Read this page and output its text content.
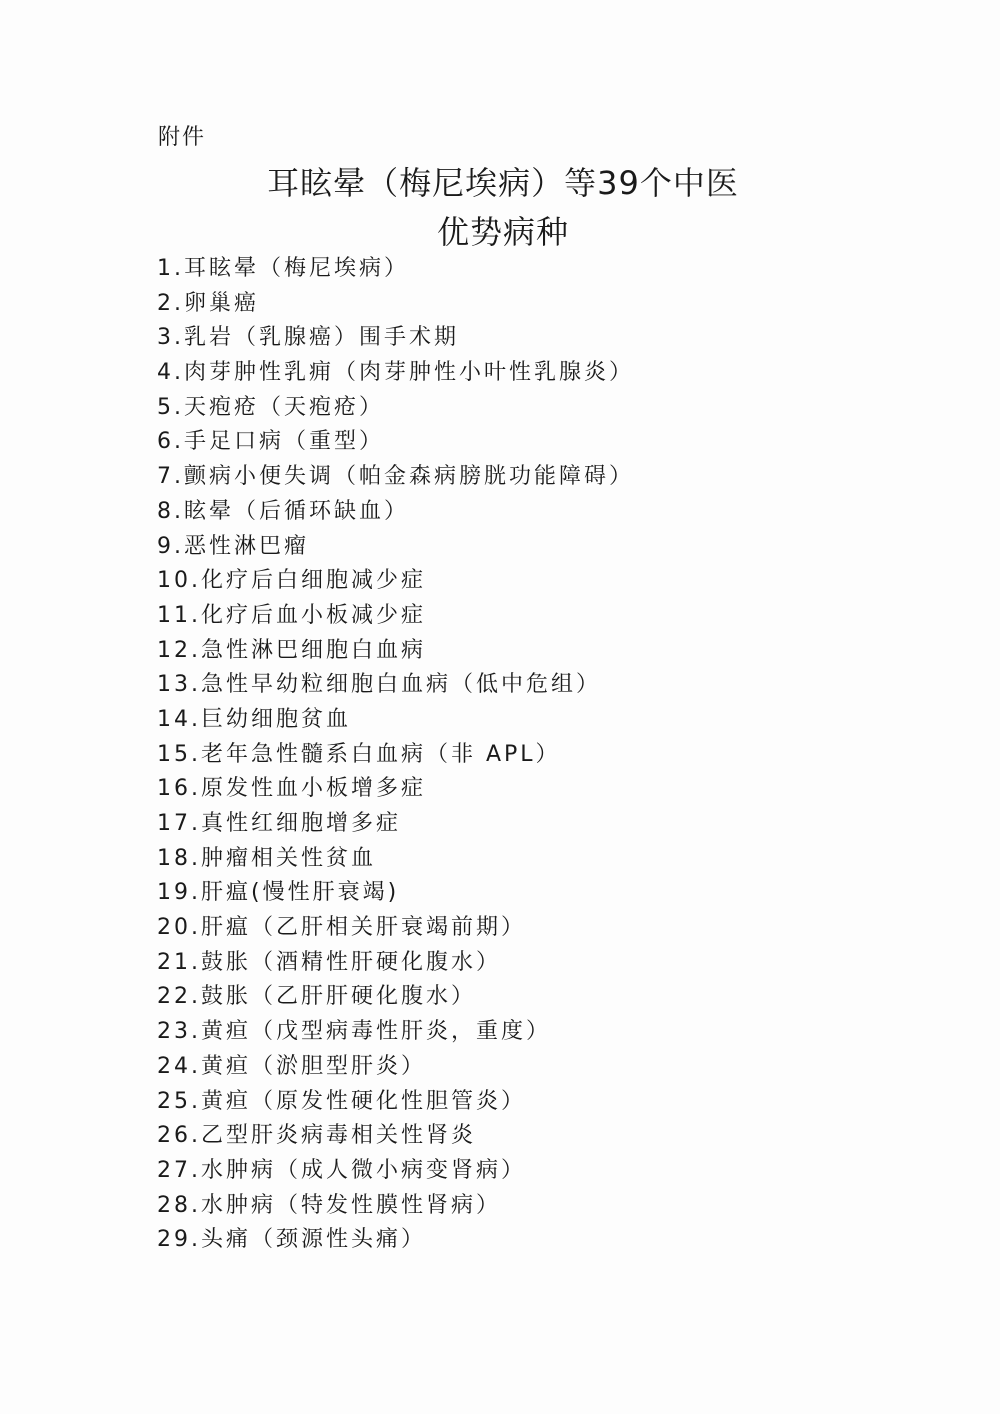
附件
耳眩晕（梅尼埃病）等39个中医
优势病种
1.耳眩晕（梅尼埃病）
2.卵巢癌
3.乳岩（乳腺癌）围手术期
4.肉芽肿性乳痈（肉芽肿性小叶性乳腺炎）
5.天疱疮（天疱疮）
6.手足口病（重型）
7.颤病小便失调（帕金森病膀胱功能障碍）
8.眩晕（后循环缺血）
9.恶性淋巴瘤
10.化疗后白细胞减少症
11.化疗后血小板减少症
12.急性淋巴细胞白血病
13.急性早幼粒细胞白血病（低中危组）
14.巨幼细胞贫血
15.老年急性髓系白血病（非 APL）
16.原发性血小板增多症
17.真性红细胞增多症
18.肿瘤相关性贫血
19.肝瘟(慢性肝衰竭)
20.肝瘟（乙肝相关肝衰竭前期）
21.鼓胀（酒精性肝硬化腹水）
22.鼓胀（乙肝肝硬化腹水）
23.黄疸（戊型病毒性肝炎，重度）
24.黄疸（淤胆型肝炎）
25.黄疸（原发性硬化性胆管炎）
26.乙型肝炎病毒相关性肾炎
27.水肿病（成人微小病变肾病）
28.水肿病（特发性膜性肾病）
29.头痛（颈源性头痛）
